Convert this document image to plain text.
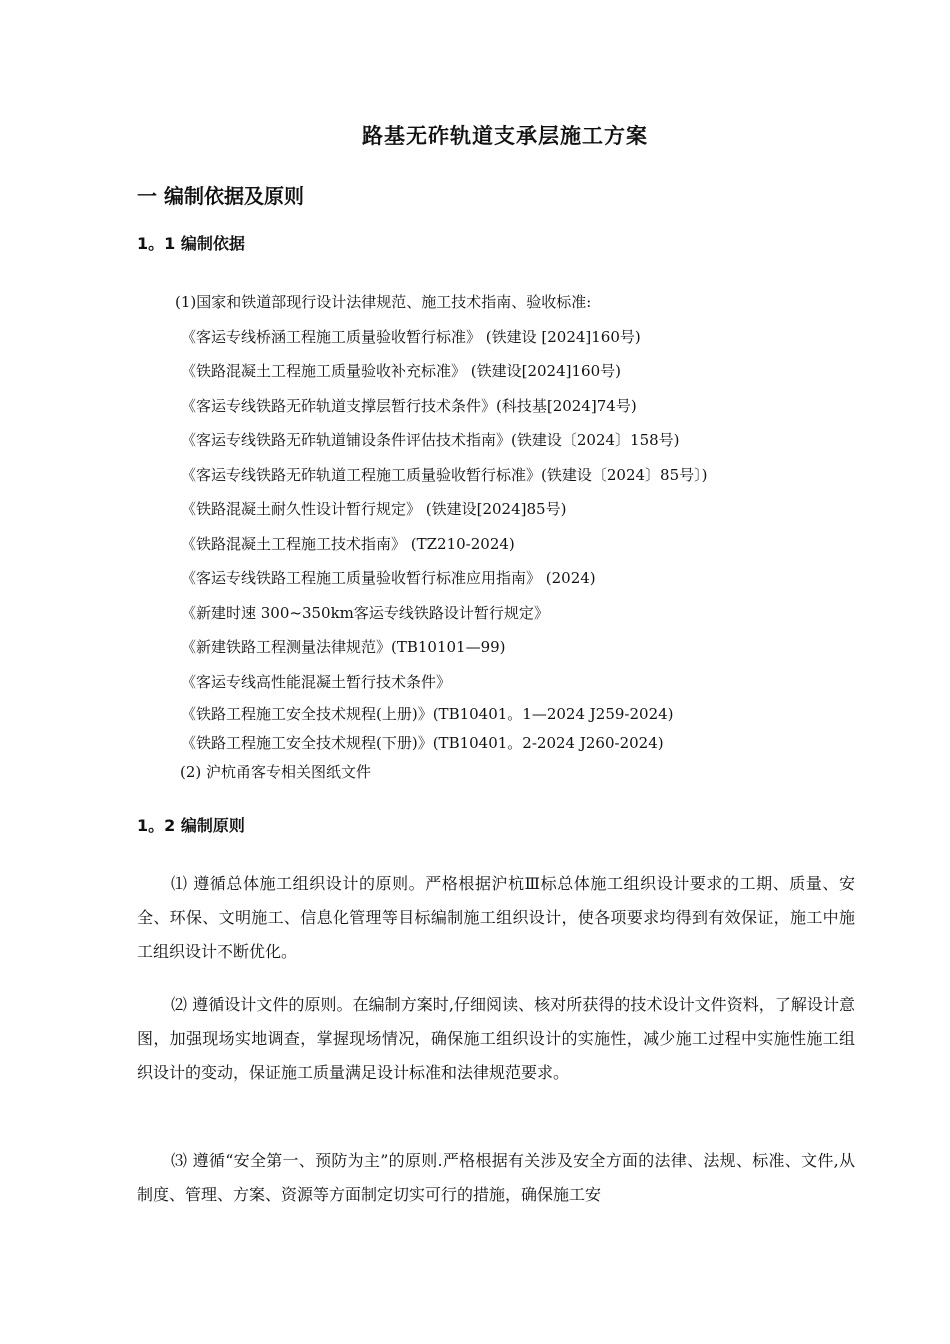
路基无砟轨道支承层施工方案
一 编制依据及原则
1。1 编制依据
(1)国家和铁道部现行设计法律规范、施工技术指南、验收标准:
《客运专线桥涵工程施工质量验收暂行标准》 (铁建设 [2024]160号)
《铁路混凝土工程施工质量验收补充标准》 (铁建设[2024]160号)
《客运专线铁路无砟轨道支撑层暂行技术条件》(科技基[2024]74号)
《客运专线铁路无砟轨道铺设条件评估技术指南》(铁建设〔2024〕158号)
《客运专线铁路无砟轨道工程施工质量验收暂行标准》(铁建设〔2024〕85号〕)
《铁路混凝土耐久性设计暂行规定》 (铁建设[2024]85号)
《铁路混凝土工程施工技术指南》 (TZ210-2024)
《客运专线铁路工程施工质量验收暂行标准应用指南》 (2024)
《新建时速 300~350km客运专线铁路设计暂行规定》
《新建铁路工程测量法律规范》(TB10101—99)
《客运专线高性能混凝土暂行技术条件》
《铁路工程施工安全技术规程(上册)》(TB10401。1—2024 J259-2024)
《铁路工程施工安全技术规程(下册)》(TB10401。2-2024 J260-2024)
(2) 沪杭甬客专相关图纸文件
1。2 编制原则

⑴ 遵循总体施工组织设计的原则。严格根据沪杭Ⅲ标总体施工组织设计要求的工期、质量、安全、环保、文明施工、信息化管理等目标编制施工组织设计，使各项要求均得到有效保证，施工中施工组织设计不断优化。

⑵ 遵循设计文件的原则。在编制方案时,仔细阅读、核对所获得的技术设计文件资料，了解设计意图，加强现场实地调查，掌握现场情况，确保施工组织设计的实施性，减少施工过程中实施性施工组织设计的变动，保证施工质量满足设计标准和法律规范要求。

⑶ 遵循“安全第一、预防为主”的原则.严格根据有关涉及安全方面的法律、法规、标准、文件,从制度、管理、方案、资源等方面制定切实可行的措施，确保施工安
